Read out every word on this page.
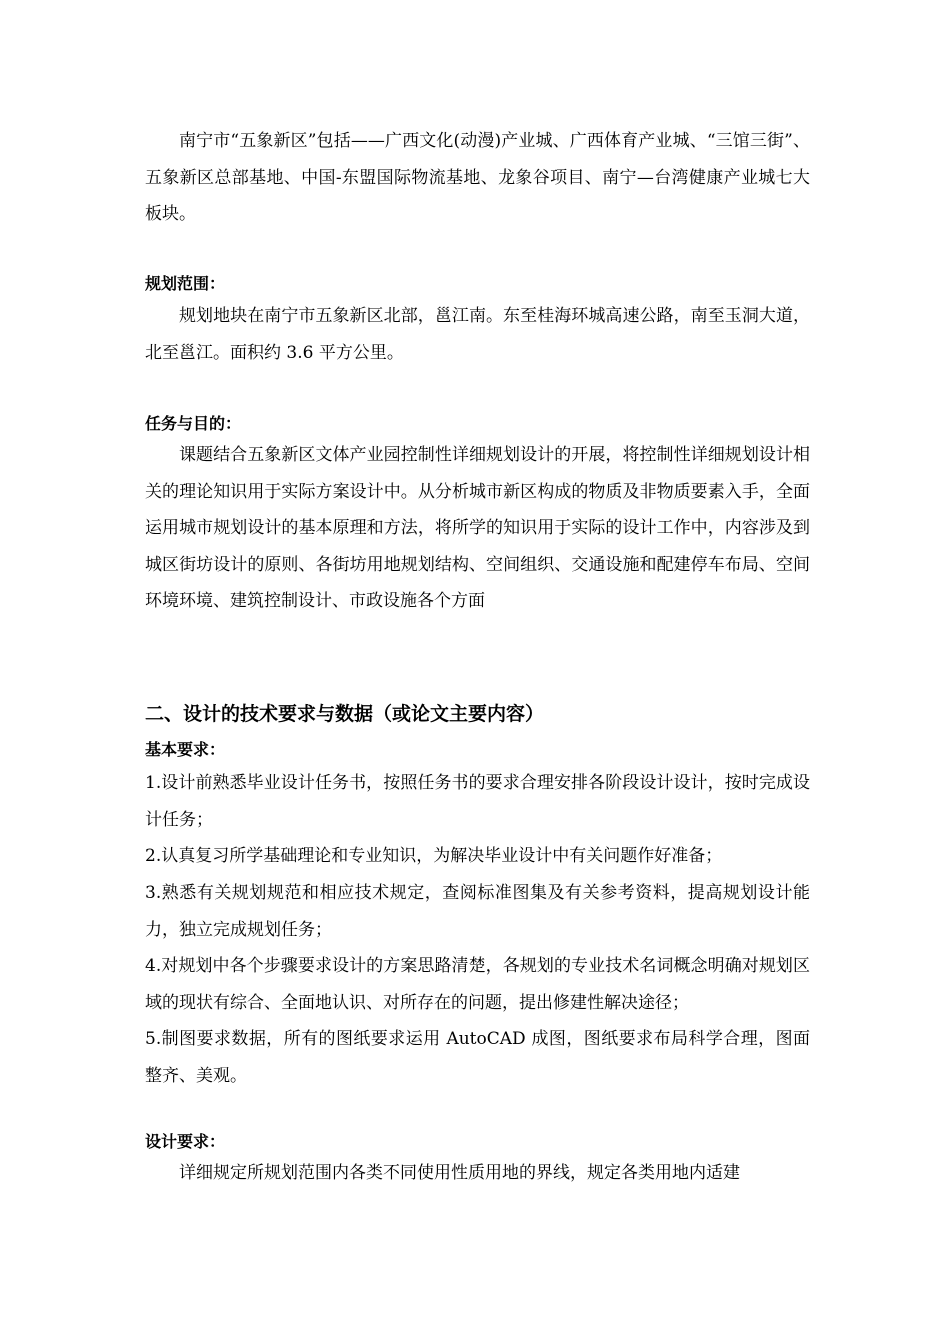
南宁市“五象新区”包括——广西文化(动漫)产业城、广西体育产业城、“三馆三街”、五象新区总部基地、中国-东盟国际物流基地、龙象谷项目、南宁—台湾健康产业城七大板块。

规划范围：

规划地块在南宁市五象新区北部，邕江南。东至桂海环城高速公路，南至玉洞大道，北至邕江。面积约 3.6 平方公里。

任务与目的：

课题结合五象新区文体产业园控制性详细规划设计的开展，将控制性详细规划设计相关的理论知识用于实际方案设计中。从分析城市新区构成的物质及非物质要素入手，全面运用城市规划设计的基本原理和方法，将所学的知识用于实际的设计工作中，内容涉及到城区街坊设计的原则、各街坊用地规划结构、空间组织、交通设施和配建停车布局、空间环境环境、建筑控制设计、市政设施各个方面

二、设计的技术要求与数据（或论文主要内容）
基本要求：

1.设计前熟悉毕业设计任务书，按照任务书的要求合理安排各阶段设计设计，按时完成设计任务；

2.认真复习所学基础理论和专业知识，为解决毕业设计中有关问题作好准备；

3.熟悉有关规划规范和相应技术规定，查阅标准图集及有关参考资料，提高规划设计能力，独立完成规划任务；

4.对规划中各个步骤要求设计的方案思路清楚，各规划的专业技术名词概念明确对规划区域的现状有综合、全面地认识、对所存在的问题，提出修建性解决途径；

5.制图要求数据，所有的图纸要求运用 AutoCAD 成图，图纸要求布局科学合理，图面整齐、美观。

设计要求：

详细规定所规划范围内各类不同使用性质用地的界线，规定各类用地内适建
